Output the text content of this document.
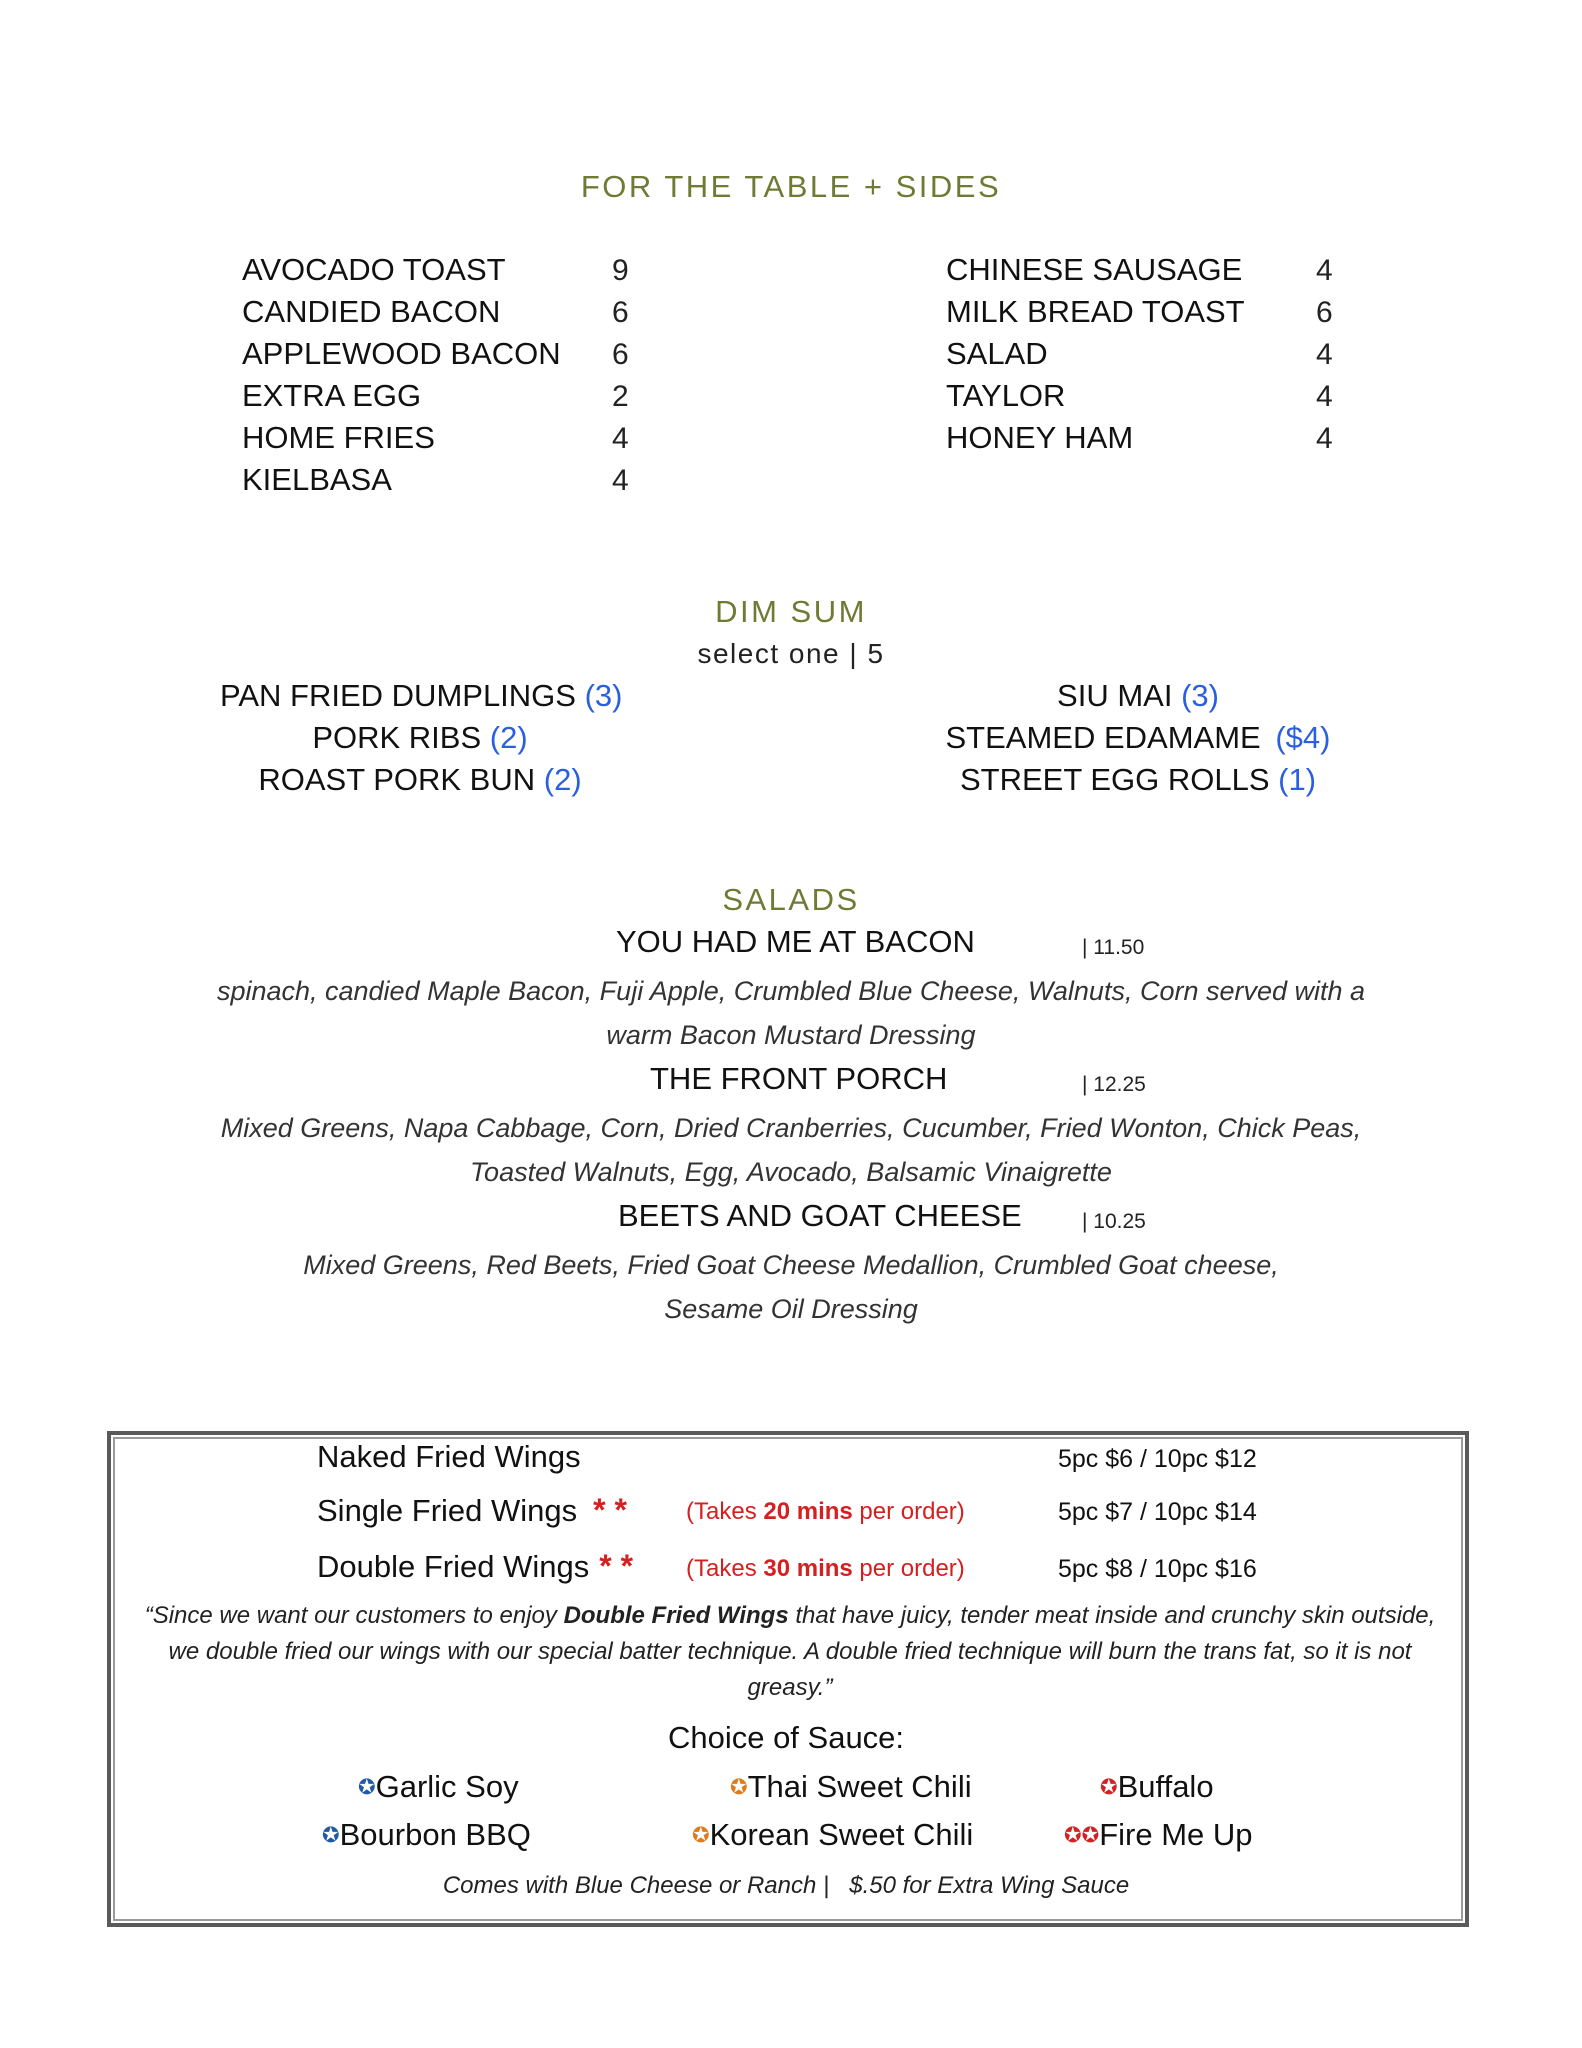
FOR THE TABLE + SIDES
AVOCADO TOAST	9
CANDIED BACON	6
APPLEWOOD BACON 6
EXTRA EGG	2
HOME FRIES	4
KIELBASA	4
CHINESE SAUSAGE 4
MILK BREAD TOAST 6
SALAD	4
TAYLOR	4
HONEY HAM	4
DIM SUM
select one | 5
PAN FRIED DUMPLINGS (3)
PORK RIBS (2)
ROAST PORK BUN (2)
SIU MAI (3)
STEAMED EDAMAME ($4)
STREET EGG ROLLS (1)
SALADS
YOU HAD ME AT BACON	| 11.50
spinach, candied Maple Bacon, Fuji Apple, Crumbled Blue Cheese, Walnuts, Corn served with a
warm Bacon Mustard Dressing
THE FRONT PORCH	| 12.25
Mixed Greens, Napa Cabbage, Corn, Dried Cranberries, Cucumber, Fried Wonton, Chick Peas,
Toasted Walnuts, Egg, Avocado, Balsamic Vinaigrette
BEETS AND GOAT CHEESE	| 10.25
Mixed Greens, Red Beets, Fried Goat Cheese Medallion, Crumbled Goat cheese,
Sesame Oil Dressing
Naked Fried Wings	5pc $6 / 10pc $12
Single Fried Wings * * (Takes 20 mins per order)	5pc $7 / 10pc $14
Double Fried Wings * * (Takes 30 mins per order)	5pc $8 / 10pc $16
“Since we want our customers to enjoy Double Fried Wings that have juicy, tender meat inside and crunchy skin outside, we double fried our wings with our special batter technique. A double fried technique will burn the trans fat, so it is not greasy.”
Choice of Sauce:
✪Garlic Soy	✪Thai Sweet Chili	✪Buffalo
✪Bourbon BBQ	✪Korean Sweet Chili	✪✪Fire Me Up
Comes with Blue Cheese or Ranch |   $.50 for Extra Wing Sauce
